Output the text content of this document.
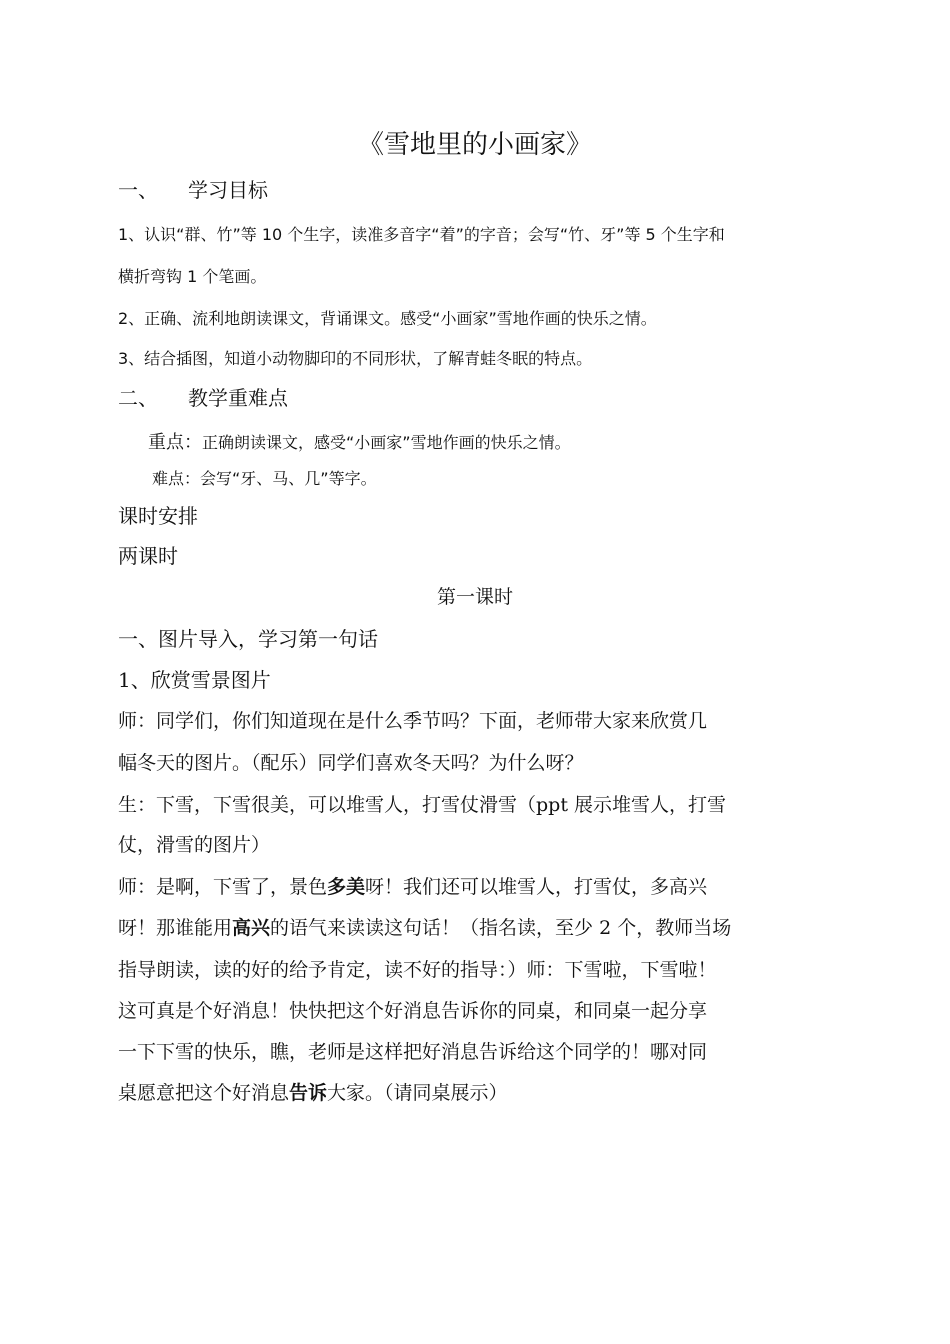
《雪地里的小画家》
一、 学习目标
1、认识“群、竹”等 10 个生字，读准多音字“着”的字音；会写“竹、牙”等 5 个生字和
横折弯钩 1 个笔画。
2、正确、流利地朗读课文，背诵课文。感受“小画家”雪地作画的快乐之情。
3、结合插图，知道小动物脚印的不同形状，了解青蛙冬眠的特点。
二、 教学重难点
重点：正确朗读课文，感受“小画家”雪地作画的快乐之情。
难点：会写“牙、马、几”等字。
课时安排
两课时
第一课时
一、图片导入，学习第一句话
1、欣赏雪景图片
师：同学们，你们知道现在是什么季节吗？下面，老师带大家来欣赏几
幅冬天的图片。（配乐）同学们喜欢冬天吗？为什么呀？
生：下雪，下雪很美，可以堆雪人，打雪仗滑雪（ppt 展示堆雪人，打雪
仗，滑雪的图片）
师：是啊，下雪了，景色多美呀！我们还可以堆雪人，打雪仗，多高兴
呀！那谁能用高兴的语气来读读这句话！（指名读，至少 2 个，教师当场
指导朗读，读的好的给予肯定，读不好的指导：）师：下雪啦，下雪啦！
这可真是个好消息！快快把这个好消息告诉你的同桌，和同桌一起分享
一下下雪的快乐，瞧，老师是这样把好消息告诉给这个同学的！哪对同
桌愿意把这个好消息告诉大家。（请同桌展示）
